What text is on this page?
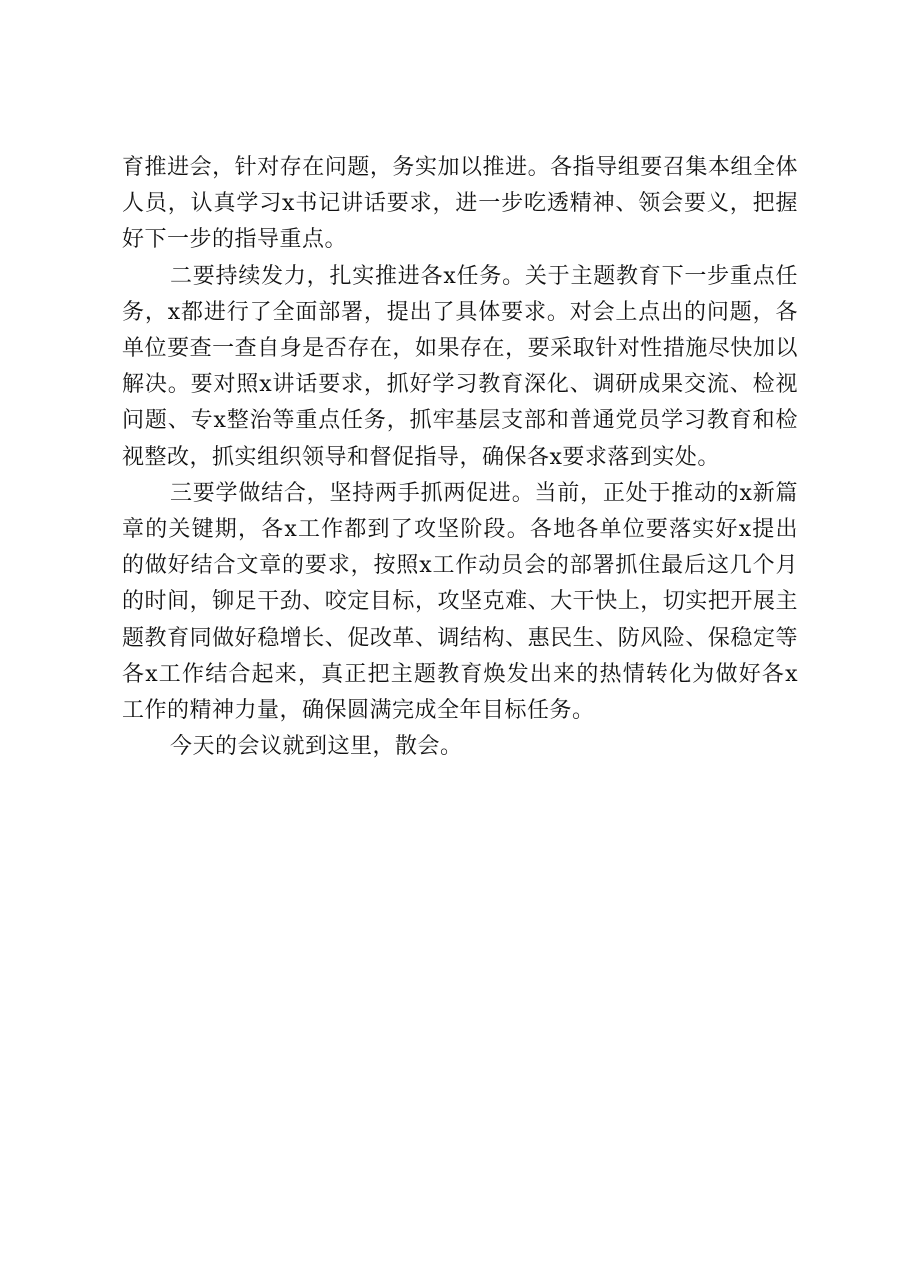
育推进会，针对存在问题，务实加以推进。各指导组要召集本组全体人员，认真学习x书记讲话要求，进一步吃透精神、领会要义，把握好下一步的指导重点。

二要持续发力，扎实推进各x任务。关于主题教育下一步重点任务，x都进行了全面部署，提出了具体要求。对会上点出的问题，各单位要查一查自身是否存在，如果存在，要采取针对性措施尽快加以解决。要对照x讲话要求，抓好学习教育深化、调研成果交流、检视问题、专x整治等重点任务，抓牢基层支部和普通党员学习教育和检视整改，抓实组织领导和督促指导，确保各x要求落到实处。

三要学做结合，坚持两手抓两促进。当前，正处于推动的x新篇章的关键期，各x工作都到了攻坚阶段。各地各单位要落实好x提出的做好结合文章的要求，按照x工作动员会的部署抓住最后这几个月的时间，铆足干劲、咬定目标，攻坚克难、大干快上，切实把开展主题教育同做好稳增长、促改革、调结构、惠民生、防风险、保稳定等各x工作结合起来，真正把主题教育焕发出来的热情转化为做好各x工作的精神力量，确保圆满完成全年目标任务。

今天的会议就到这里，散会。
